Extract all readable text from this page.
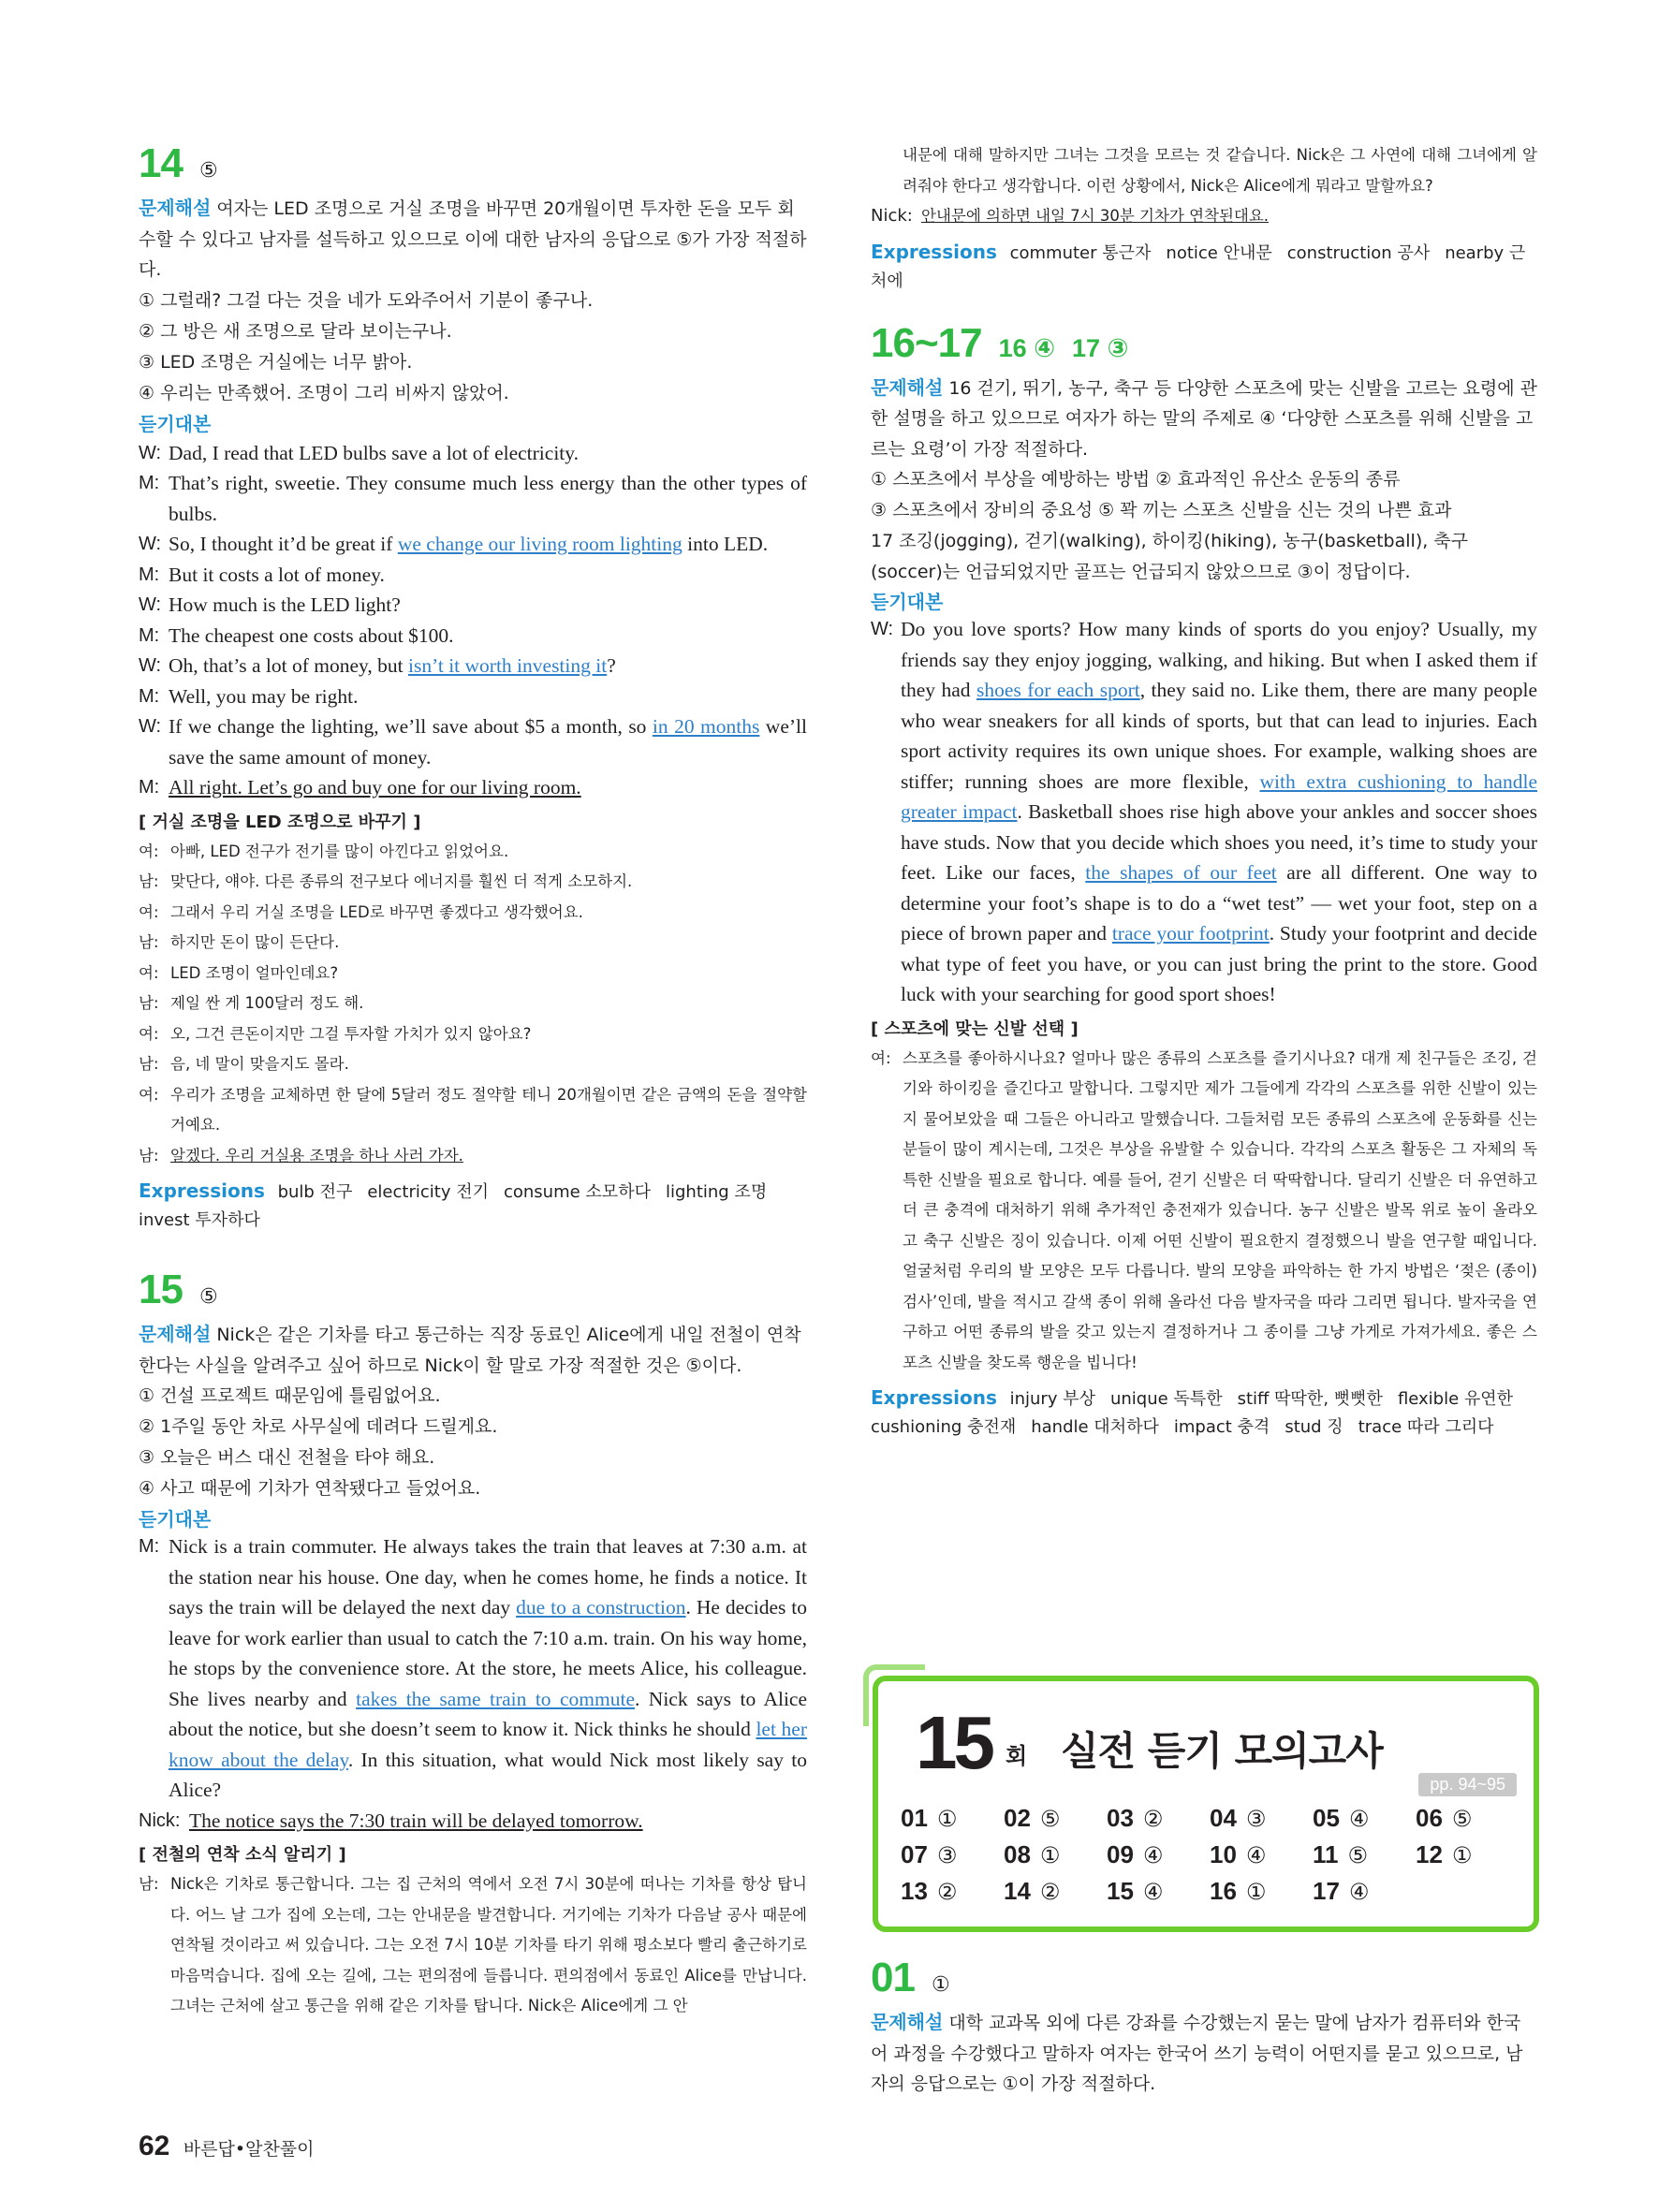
14 ⑤

문제해설 여자는 LED 조명으로 거실 조명을 바꾸면 20개월이면 투자한 돈을 모두 회수할 수 있다고 남자를 설득하고 있으므로 이에 대한 남자의 응답으로 ⑤가 가장 적절하다.

① 그럴래? 그걸 다는 것을 네가 도와주어서 기분이 좋구나.

② 그 방은 새 조명으로 달라 보이는구나.

③ LED 조명은 거실에는 너무 밝아.

④ 우리는 만족했어. 조명이 그리 비싸지 않았어.

듣기대본
W: Dad, I read that LED bulbs save a lot of electricity.
M: That’s right, sweetie. They consume much less energy than the other types of bulbs.
W: So, I thought it’d be great if we change our living room lighting into LED.
M: But it costs a lot of money.
W: How much is the LED light?
M: The cheapest one costs about $100.
W: Oh, that’s a lot of money, but isn’t it worth investing it?
M: Well, you may be right.
W: If we change the lighting, we’ll save about $5 a month, so in 20 months we’ll save the same amount of money.
M: All right. Let’s go and buy one for our living room.
[ 거실 조명을 LED 조명으로 바꾸기 ]
여: 아빠, LED 전구가 전기를 많이 아낀다고 읽었어요.
남: 맞단다, 얘야. 다른 종류의 전구보다 에너지를 훨씬 더 적게 소모하지.
여: 그래서 우리 거실 조명을 LED로 바꾸면 좋겠다고 생각했어요.
남: 하지만 돈이 많이 든단다.
여: LED 조명이 얼마인데요?
남: 제일 싼 게 100달러 정도 해.
여: 오, 그건 큰돈이지만 그걸 투자할 가치가 있지 않아요?
남: 음, 네 말이 맞을지도 몰라.
여: 우리가 조명을 교체하면 한 달에 5달러 정도 절약할 테니 20개월이면 같은 금액의 돈을 절약할 거예요.
남: 알겠다. 우리 거실용 조명을 하나 사러 가자.
Expressions bulb 전구 electricity 전기 consume 소모하다 lighting 조명invest 투자하다
15 ⑤

문제해설 Nick은 같은 기차를 타고 통근하는 직장 동료인 Alice에게 내일 전철이 연착한다는 사실을 알려주고 싶어 하므로 Nick이 할 말로 가장 적절한 것은 ⑤이다.

① 건설 프로젝트 때문임에 틀림없어요.

② 1주일 동안 차로 사무실에 데려다 드릴게요.

③ 오늘은 버스 대신 전철을 타야 해요.

④ 사고 때문에 기차가 연착됐다고 들었어요.

듣기대본
M: Nick is a train commuter. He always takes the train that leaves at 7:30 a.m. at the station near his house. One day, when he comes home, he finds a notice. It says the train will be delayed the next day due to a construction. He decides to leave for work earlier than usual to catch the 7:10 a.m. train. On his way home, he stops by the convenience store. At the store, he meets Alice, his colleague. She lives nearby and takes the same train to commute. Nick says to Alice about the notice, but she doesn’t seem to know it. Nick thinks he should let her know about the delay. In this situation, what would Nick most likely say to Alice?
Nick: The notice says the 7:30 train will be delayed tomorrow.
[ 전철의 연착 소식 알리기 ]
남: Nick은 기차로 통근합니다. 그는 집 근처의 역에서 오전 7시 30분에 떠나는 기차를 항상 탑니다. 어느 날 그가 집에 오는데, 그는 안내문을 발견합니다. 거기에는 기차가 다음날 공사 때문에 연착될 것이라고 써 있습니다. 그는 오전 7시 10분 기차를 타기 위해 평소보다 빨리 출근하기로 마음먹습니다. 집에 오는 길에, 그는 편의점에 들릅니다. 편의점에서 동료인 Alice를 만납니다. 그녀는 근처에 살고 통근을 위해 같은 기차를 탑니다. Nick은 Alice에게 그 안
내문에 대해 말하지만 그녀는 그것을 모르는 것 같습니다. Nick은 그 사연에 대해 그녀에게 알려줘야 한다고 생각합니다. 이런 상황에서, Nick은 Alice에게 뭐라고 말할까요?
Nick: 안내문에 의하면 내일 7시 30분 기차가 연착된대요.
Expressions commuter 통근자 notice 안내문 construction 공사 nearby 근처에
16~17 16 ④ 17 ③

문제해설 16 걷기, 뛰기, 농구, 축구 등 다양한 스포츠에 맞는 신발을 고르는 요령에 관한 설명을 하고 있으므로 여자가 하는 말의 주제로 ④ ‘다양한 스포츠를 위해 신발을 고르는 요령’이 가장 적절하다.

① 스포츠에서 부상을 예방하는 방법 ② 효과적인 유산소 운동의 종류

③ 스포츠에서 장비의 중요성 ⑤ 꽉 끼는 스포츠 신발을 신는 것의 나쁜 효과

17 조깅(jogging), 걷기(walking), 하이킹(hiking), 농구(basketball), 축구(soccer)는 언급되었지만 골프는 언급되지 않았으므로 ③이 정답이다.

듣기대본
W: Do you love sports? How many kinds of sports do you enjoy? Usually, my friends say they enjoy jogging, walking, and hiking. But when I asked them if they had shoes for each sport, they said no. Like them, there are many people who wear sneakers for all kinds of sports, but that can lead to injuries. Each sport activity requires its own unique shoes. For example, walking shoes are stiffer; running shoes are more flexible, with extra cushioning to handle greater impact. Basketball shoes rise high above your ankles and soccer shoes have studs. Now that you decide which shoes you need, it’s time to study your feet. Like our faces, the shapes of our feet are all different. One way to determine your foot’s shape is to do a “wet test” — wet your foot, step on a piece of brown paper and trace your footprint. Study your footprint and decide what type of feet you have, or you can just bring the print to the store. Good luck with your searching for good sport shoes!
[ 스포츠에 맞는 신발 선택 ]
여: 스포츠를 좋아하시나요? 얼마나 많은 종류의 스포츠를 즐기시나요? 대개 제 친구들은 조깅, 걷기와 하이킹을 즐긴다고 말합니다. 그렇지만 제가 그들에게 각각의 스포츠를 위한 신발이 있는지 물어보았을 때 그들은 아니라고 말했습니다. 그들처럼 모든 종류의 스포츠에 운동화를 신는 분들이 많이 계시는데, 그것은 부상을 유발할 수 있습니다. 각각의 스포츠 활동은 그 자체의 독특한 신발을 필요로 합니다. 예를 들어, 걷기 신발은 더 딱딱합니다. 달리기 신발은 더 유연하고 더 큰 충격에 대처하기 위해 추가적인 충전재가 있습니다. 농구 신발은 발목 위로 높이 올라오고 축구 신발은 징이 있습니다. 이제 어떤 신발이 필요한지 결정했으니 발을 연구할 때입니다. 얼굴처럼 우리의 발 모양은 모두 다릅니다. 발의 모양을 파악하는 한 가지 방법은 ‘젖은 (종이) 검사’인데, 발을 적시고 갈색 종이 위해 올라선 다음 발자국을 따라 그리면 됩니다. 발자국을 연구하고 어떤 종류의 발을 갖고 있는지 결정하거나 그 종이를 그냥 가게로 가져가세요. 좋은 스포츠 신발을 찾도록 행운을 빕니다!
Expressions injury 부상 unique 독특한 stiff 딱딱한, 뻣뻣한 flexible 유연한cushioning 충전재 handle 대처하다 impact 충격 stud 징 trace 따라 그리다
15 회 실전 듣기 모의고사
pp. 94~95
01 ①	02 ⑤	03 ②	04 ③	05 ④	06 ⑤
07 ③	08 ①	09 ④	10 ④	11 ⑤	12 ①
13 ②	14 ②	15 ④	16 ①	17 ④
01 ①

문제해설 대학 교과목 외에 다른 강좌를 수강했는지 묻는 말에 남자가 컴퓨터와 한국어 과정을 수강했다고 말하자 여자는 한국어 쓰기 능력이 어떤지를 묻고 있으므로, 남자의 응답으로는 ①이 가장 적절하다.

62 바른답•알찬풀이
